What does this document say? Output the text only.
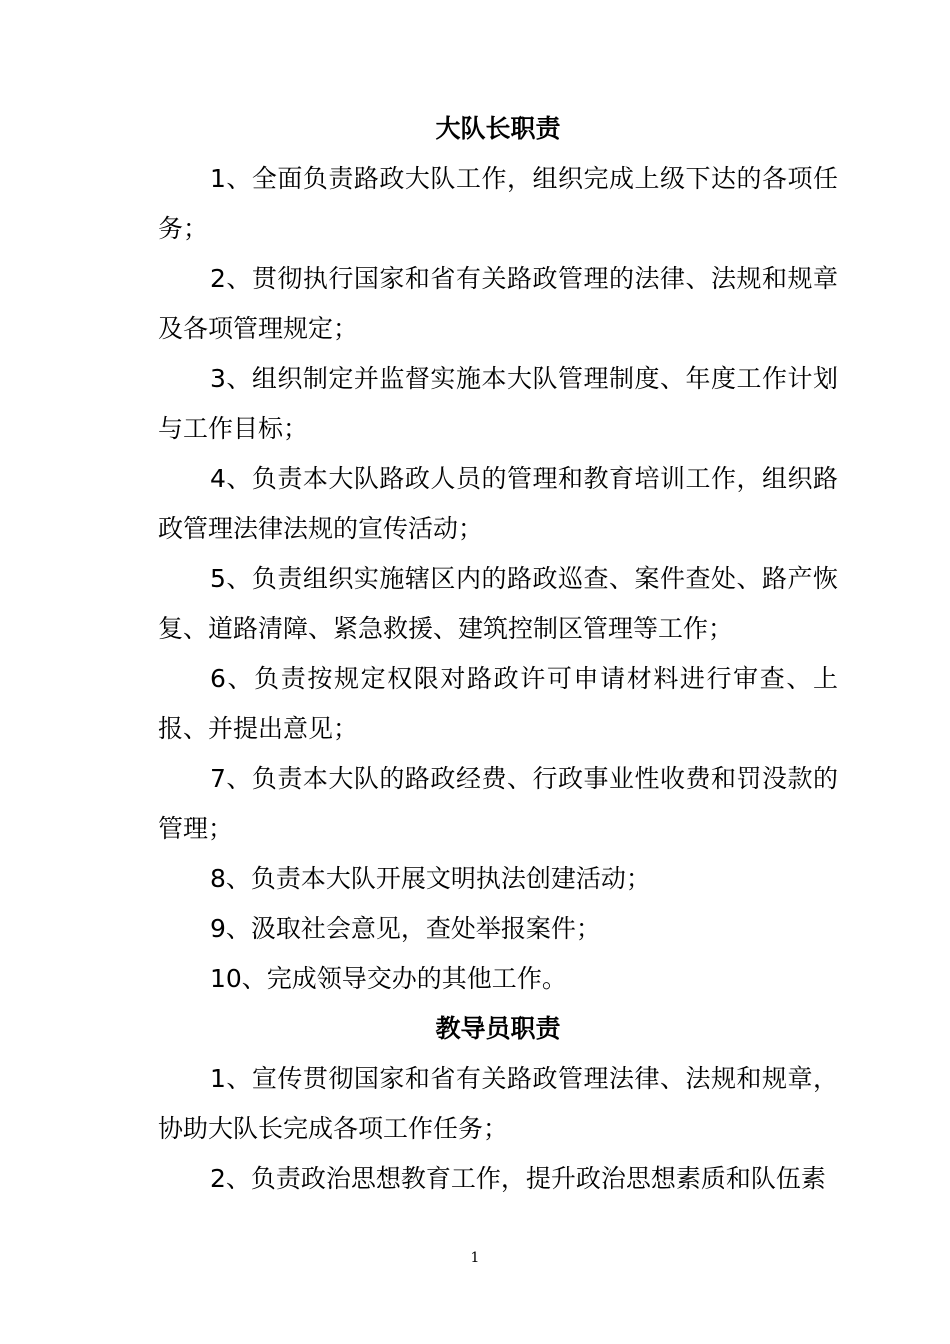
大队长职责

1、全面负责路政大队工作，组织完成上级下达的各项任务；

2、贯彻执行国家和省有关路政管理的法律、法规和规章及各项管理规定；

3、组织制定并监督实施本大队管理制度、年度工作计划与工作目标；

4、负责本大队路政人员的管理和教育培训工作，组织路政管理法律法规的宣传活动；

5、负责组织实施辖区内的路政巡查、案件查处、路产恢复、道路清障、紧急救援、建筑控制区管理等工作；

6、负责按规定权限对路政许可申请材料进行审查、上报、并提出意见；

7、负责本大队的路政经费、行政事业性收费和罚没款的管理；

8、负责本大队开展文明执法创建活动；

9、汲取社会意见，查处举报案件；

10、完成领导交办的其他工作。

教导员职责

1、宣传贯彻国家和省有关路政管理法律、法规和规章，协助大队长完成各项工作任务；

2、负责政治思想教育工作，提升政治思想素质和队伍素

1
